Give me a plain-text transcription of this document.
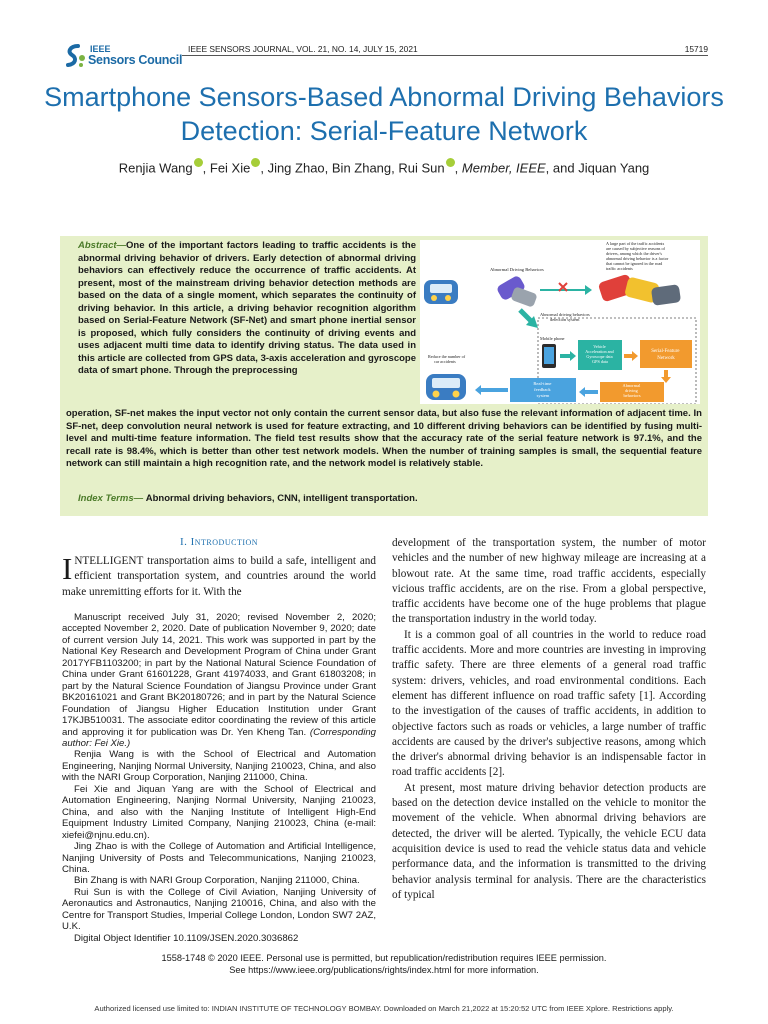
IEEE
Sensors Council
IEEE SENSORS JOURNAL, VOL. 21, NO. 14, JULY 15, 2021	15719
Smartphone Sensors-Based Abnormal Driving Behaviors Detection: Serial-Feature Network
Renjia Wang , Fei Xie , Jing Zhao, Bin Zhang, Rui Sun , Member, IEEE, and Jiquan Yang
Abstract—One of the important factors leading to traffic accidents is the abnormal driving behavior of drivers. Early detection of abnormal driving behaviors can effectively reduce the occurrence of traffic accidents. At present, most of the mainstream driving behavior detection methods are based on the data of a single moment, which separates the continuity of driving behavior. In this article, a driving behavior recognition algorithm based on Serial-Feature Network (SF-Net) and smart phone inertial sensor is proposed, which fully considers the continuity of driving events and uses adjacent multi time data to identify driving status. The data used in this article are collected from GPS data, 3-axis acceleration and gyroscope data of smart phone. Through the preprocessing
operation, SF-net makes the input vector not only contain the current sensor data, but also fuse the relevant information of adjacent time. In SF-net, deep convolution neural network is used for feature extracting, and 10 different driving behaviors can be identified by fusing multi-level and multi-time feature information. The field test results show that the accuracy rate of the serial feature network is 97.1%, and the recall rate is 98.4%, which is better than other test network models. When the number of training samples is small, the sequential feature network can still maintain a high recognition rate, and the network model is relatively stable.
Index Terms— Abnormal driving behaviors, CNN, intelligent transportation.
Abnormal Driving Behaviors
A large part of the traffic accidents are caused by subjective reasons of drivers, among which the driver's abnormal driving behavior is a factor that cannot be ignored in the road traffic accidents
Abnormal driving behaviors detection system
Mobile phone
Vehicle Acceleration and Gyroscope data GPS data
Serial-Feature Network
Abnormal driving behaviors
Real-time feedback system
Reduce the number of car accidents
I. Introduction
INTELLIGENT transportation aims to build a safe, intelligent and efficient transportation system, and countries around the world make unremitting efforts for it. With the

Manuscript received July 31, 2020; revised November 2, 2020; accepted November 2, 2020. Date of publication November 9, 2020; date of current version July 14, 2021. This work was supported in part by the National Key Research and Development Program of China under Grant 2017YFB1103200; in part by the National Natural Science Foundation of China under Grant 61601228, Grant 41974033, and Grant 61803208; in part by the Natural Science Foundation of Jiangsu Province under Grant BK20161021 and Grant BK20180726; and in part by the Natural Science Foundation of Jiangsu Higher Education Institution under Grant 17KJB510031. The associate editor coordinating the review of this article and approving it for publication was Dr. Yen Kheng Tan. (Corresponding author: Fei Xie.)

Renjia Wang is with the School of Electrical and Automation Engineering, Nanjing Normal University, Nanjing 210023, China, and also with the NARI Group Corporation, Nanjing 211000, China.

Fei Xie and Jiquan Yang are with the School of Electrical and Automation Engineering, Nanjing Normal University, Nanjing 210023, China, and also with the Nanjing Institute of Intelligent High-End Equipment Industry Limited Company, Nanjing 210023, China (e-mail: xiefei@njnu.edu.cn).

Jing Zhao is with the College of Automation and Artificial Intelligence, Nanjing University of Posts and Telecommunications, Nanjing 210023, China.

Bin Zhang is with NARI Group Corporation, Nanjing 211000, China.

Rui Sun is with the College of Civil Aviation, Nanjing University of Aeronautics and Astronautics, Nanjing 210016, China, and also with the Centre for Transport Studies, Imperial College London, London SW7 2AZ, U.K.

Digital Object Identifier 10.1109/JSEN.2020.3036862

development of the transportation system, the number of motor vehicles and the number of new highway mileage are increasing at a blowout rate. At the same time, road traffic accidents, especially vicious traffic accidents, are on the rise. From a global perspective, traffic accidents have become one of the huge problems that plague the transportation industry in the world today.

It is a common goal of all countries in the world to reduce road traffic accidents. More and more countries are investing in improving traffic safety. There are three elements of a general road traffic system: drivers, vehicles, and road environmental conditions. Each element has different influence on road traffic safety [1]. According to the investigation of the causes of traffic accidents, in addition to objective factors such as roads or vehicles, a large number of traffic accidents are caused by the driver's subjective reasons, among which the driver's abnormal driving behavior is an indispensable factor in road traffic accidents [2].

At present, most mature driving behavior detection products are based on the detection device installed on the vehicle to monitor the movement of the vehicle. When abnormal driving behaviors are detected, the driver will be alerted. Typically, the vehicle ECU data acquisition device is used to read the vehicle status data and vehicle performance data, and the information is transmitted to the driving behavior analysis terminal for analysis. There are the characteristics of typical

1558-1748 © 2020 IEEE. Personal use is permitted, but republication/redistribution requires IEEE permission.
See https://www.ieee.org/publications/rights/index.html for more information.
Authorized licensed use limited to: INDIAN INSTITUTE OF TECHNOLOGY BOMBAY. Downloaded on March 21,2022 at 15:20:52 UTC from IEEE Xplore. Restrictions apply.
